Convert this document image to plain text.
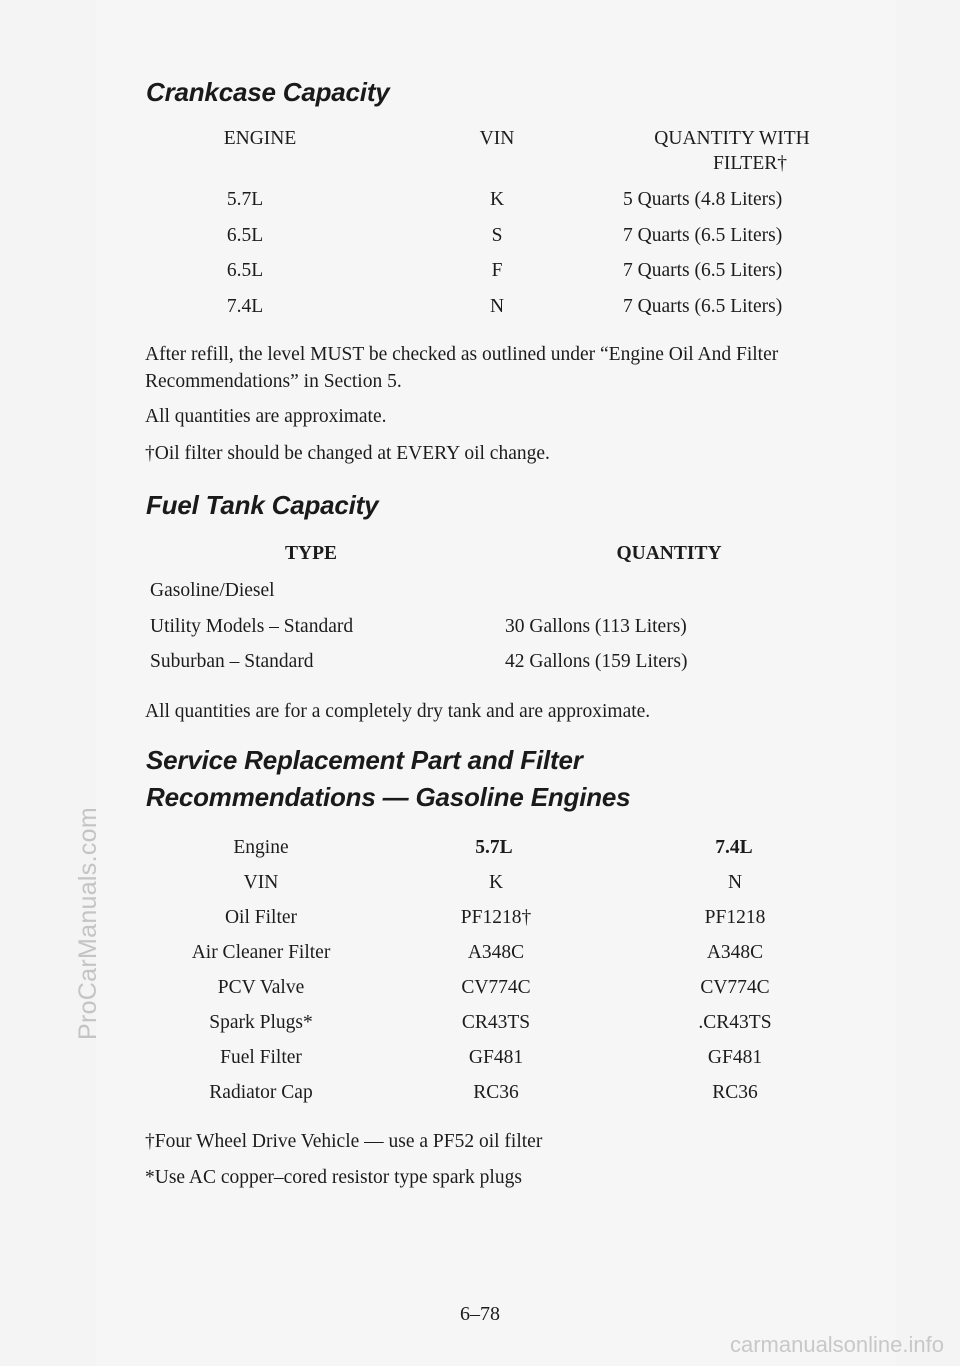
ProCarManuals.com
carmanualsonline.info
Crankcase Capacity
ENGINE	VIN	QUANTITY WITH
FILTER†
5.7L	K	5 Quarts (4.8 Liters)
6.5L	S	7 Quarts (6.5 Liters)
6.5L	F	7 Quarts (6.5 Liters)
7.4L	N	7 Quarts (6.5 Liters)
After refill, the level MUST be checked as outlined under “Engine Oil And Filter Recommendations” in Section 5.
All quantities are approximate.
†Oil filter should be changed at EVERY oil change.
Fuel Tank Capacity
TYPE	QUANTITY
Gasoline/Diesel
Utility Models – Standard	30 Gallons (113 Liters)
Suburban – Standard	42 Gallons (159 Liters)
All quantities are for a completely dry tank and are approximate.
Service Replacement Part and Filter
Recommendations — Gasoline Engines
Engine	5.7L	7.4L
VIN	K	N
Oil Filter	PF1218†	PF1218
Air Cleaner Filter	A348C	A348C
PCV Valve	CV774C	CV774C
Spark Plugs*	CR43TS	.CR43TS
Fuel Filter	GF481	GF481
Radiator Cap	RC36	RC36
†Four Wheel Drive Vehicle — use a PF52 oil filter
*Use AC copper–cored resistor type spark plugs
6–78
